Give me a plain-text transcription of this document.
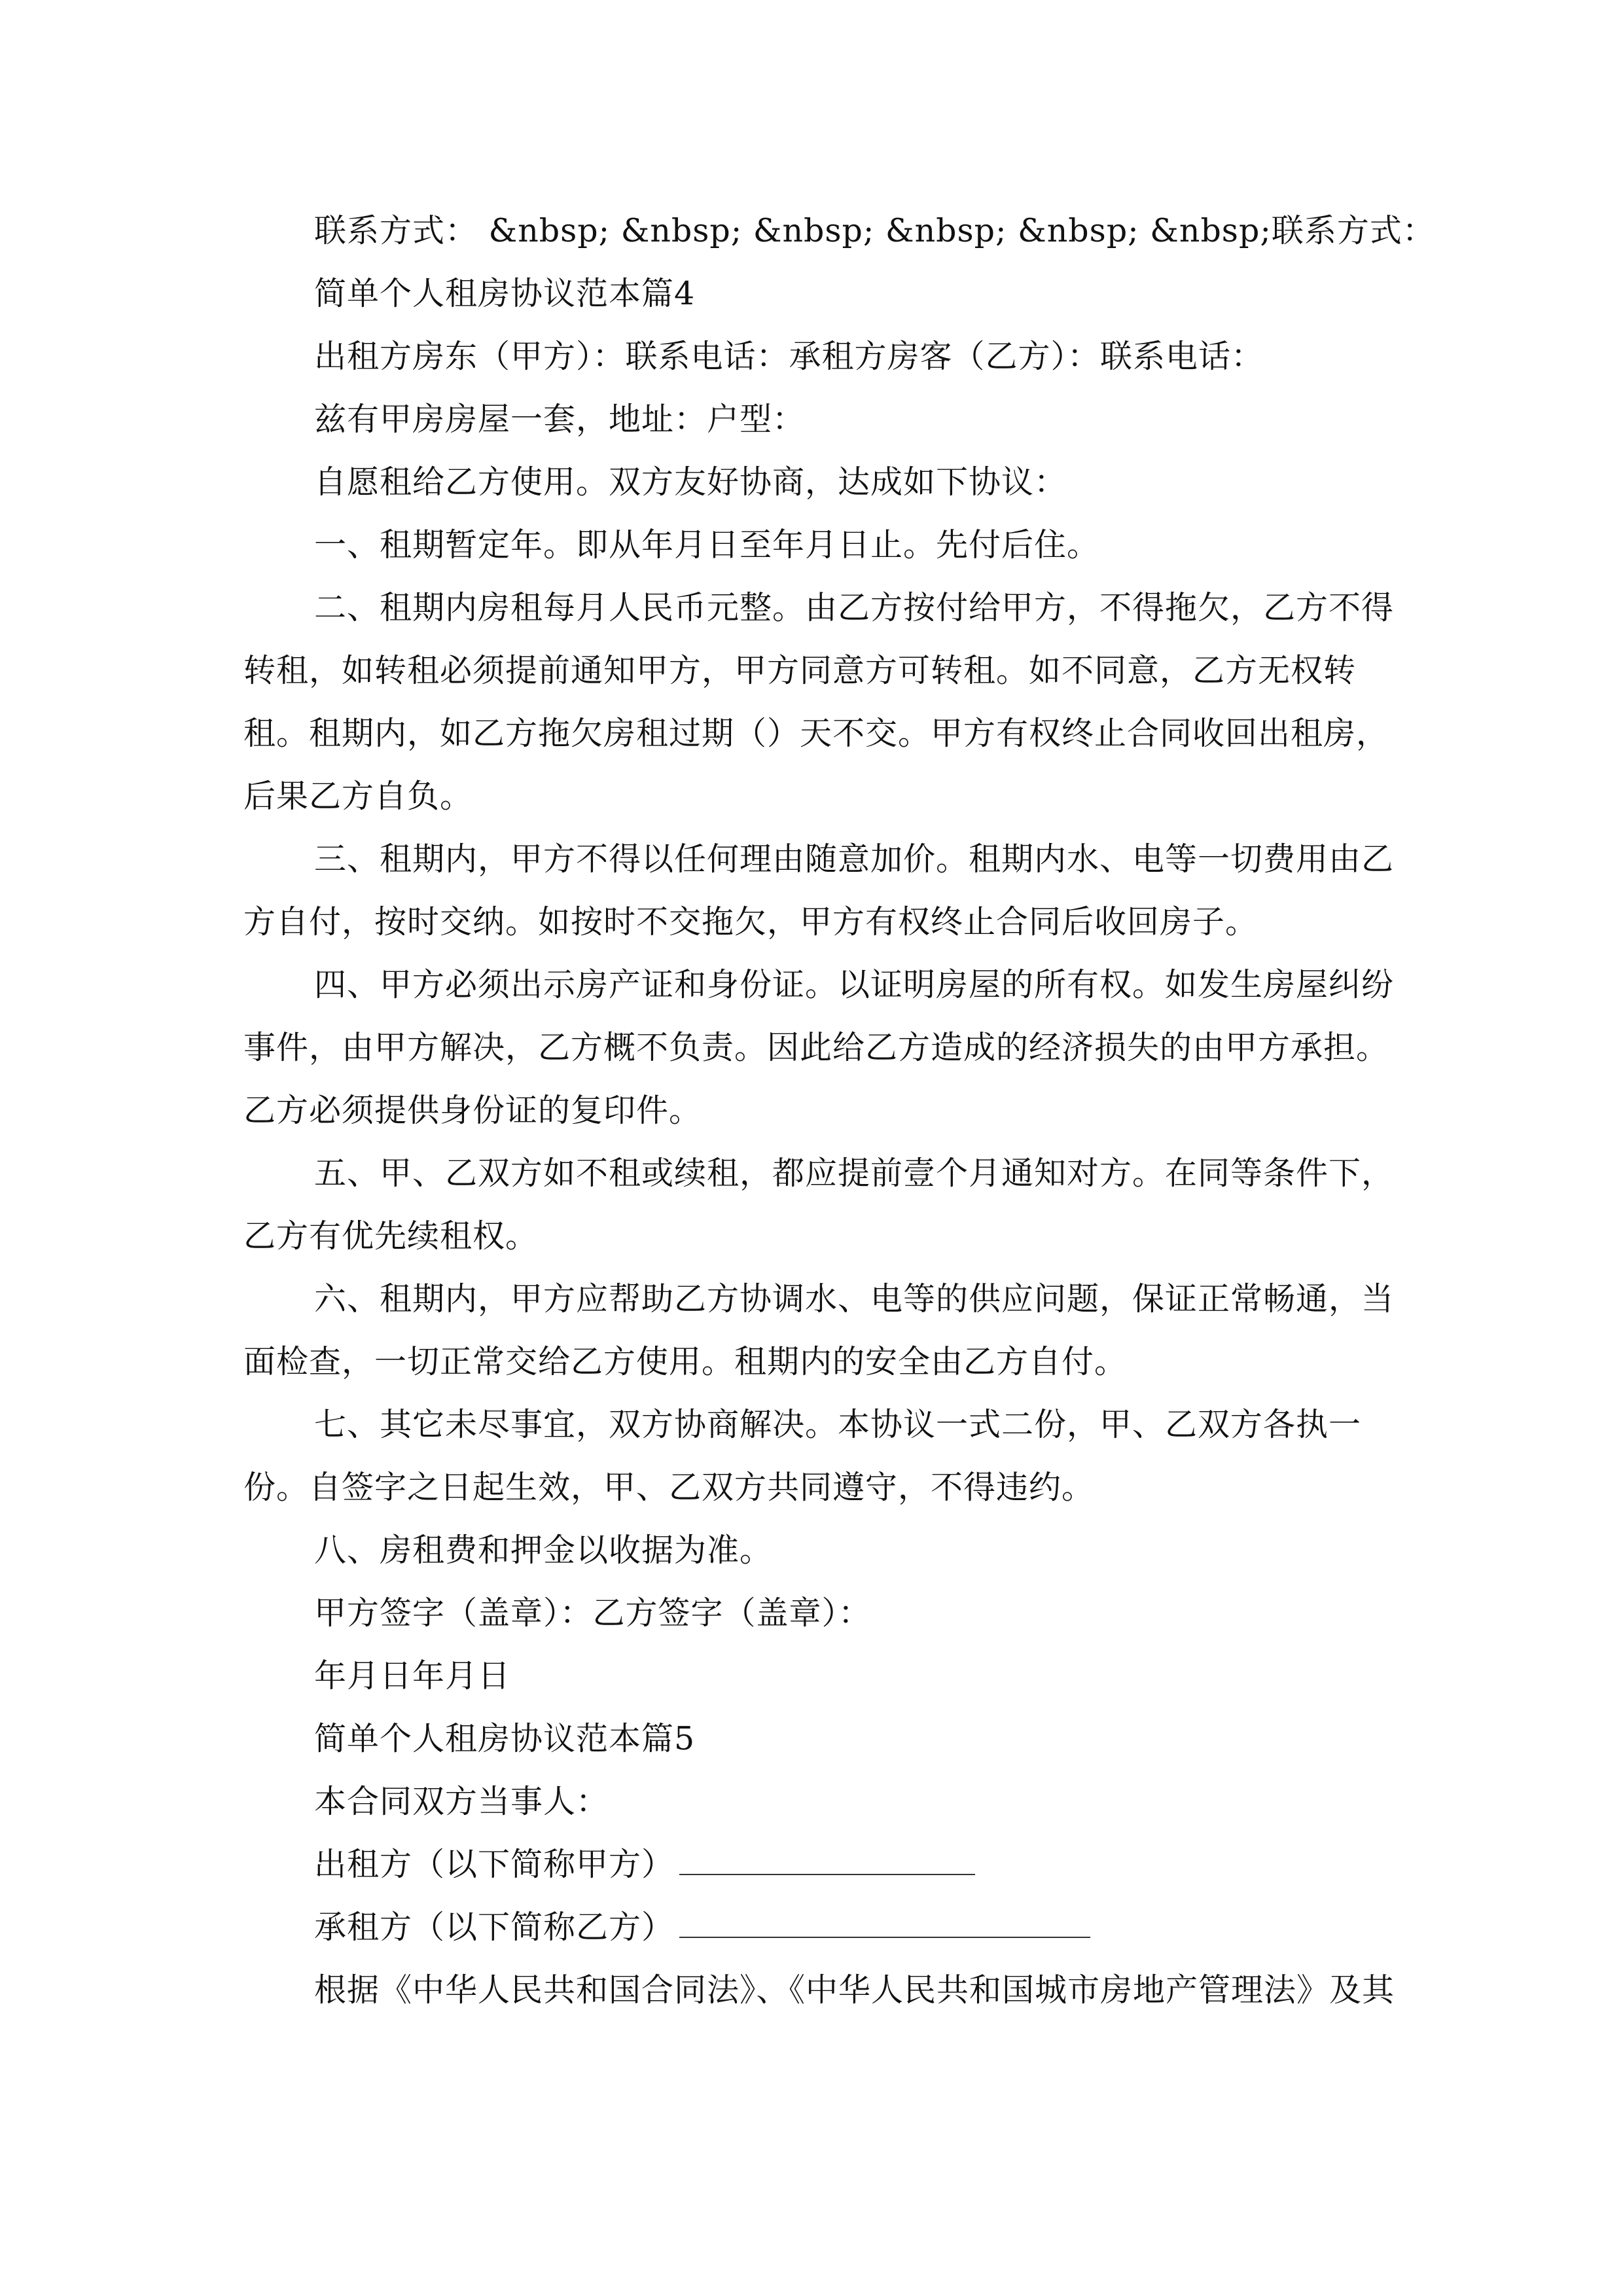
联系方式： &nbsp; &nbsp; &nbsp; &nbsp; &nbsp; &nbsp;联系方式：

简单个人租房协议范本篇4

出租方房东（甲方）：联系电话：承租方房客（乙方）：联系电话：

兹有甲房房屋一套，地址：户型：

自愿租给乙方使用。双方友好协商，达成如下协议：

一、租期暂定年。即从年月日至年月日止。先付后住。

二、租期内房租每月人民币元整。由乙方按付给甲方，不得拖欠，乙方不得转租，如转租必须提前通知甲方，甲方同意方可转租。如不同意，乙方无权转租。租期内，如乙方拖欠房租过期（）天不交。甲方有权终止合同收回出租房，后果乙方自负。

三、租期内，甲方不得以任何理由随意加价。租期内水、电等一切费用由乙方自付，按时交纳。如按时不交拖欠，甲方有权终止合同后收回房子。

四、甲方必须出示房产证和身份证。以证明房屋的所有权。如发生房屋纠纷事件，由甲方解决，乙方概不负责。因此给乙方造成的经济损失的由甲方承担。乙方必须提供身份证的复印件。

五、甲、乙双方如不租或续租，都应提前壹个月通知对方。在同等条件下，乙方有优先续租权。

六、租期内，甲方应帮助乙方协调水、电等的供应问题，保证正常畅通，当面检查，一切正常交给乙方使用。租期内的安全由乙方自付。

七、其它未尽事宜，双方协商解决。本协议一式二份，甲、乙双方各执一份。自签字之日起生效，甲、乙双方共同遵守，不得违约。

八、房租费和押金以收据为准。

甲方签字（盖章）：乙方签字（盖章）：

年月日年月日

简单个人租房协议范本篇5

本合同双方当事人：

出租方（以下简称甲方）

承租方（以下简称乙方）

根据《中华人民共和国合同法》、《中华人民共和国城市房地产管理法》及其
